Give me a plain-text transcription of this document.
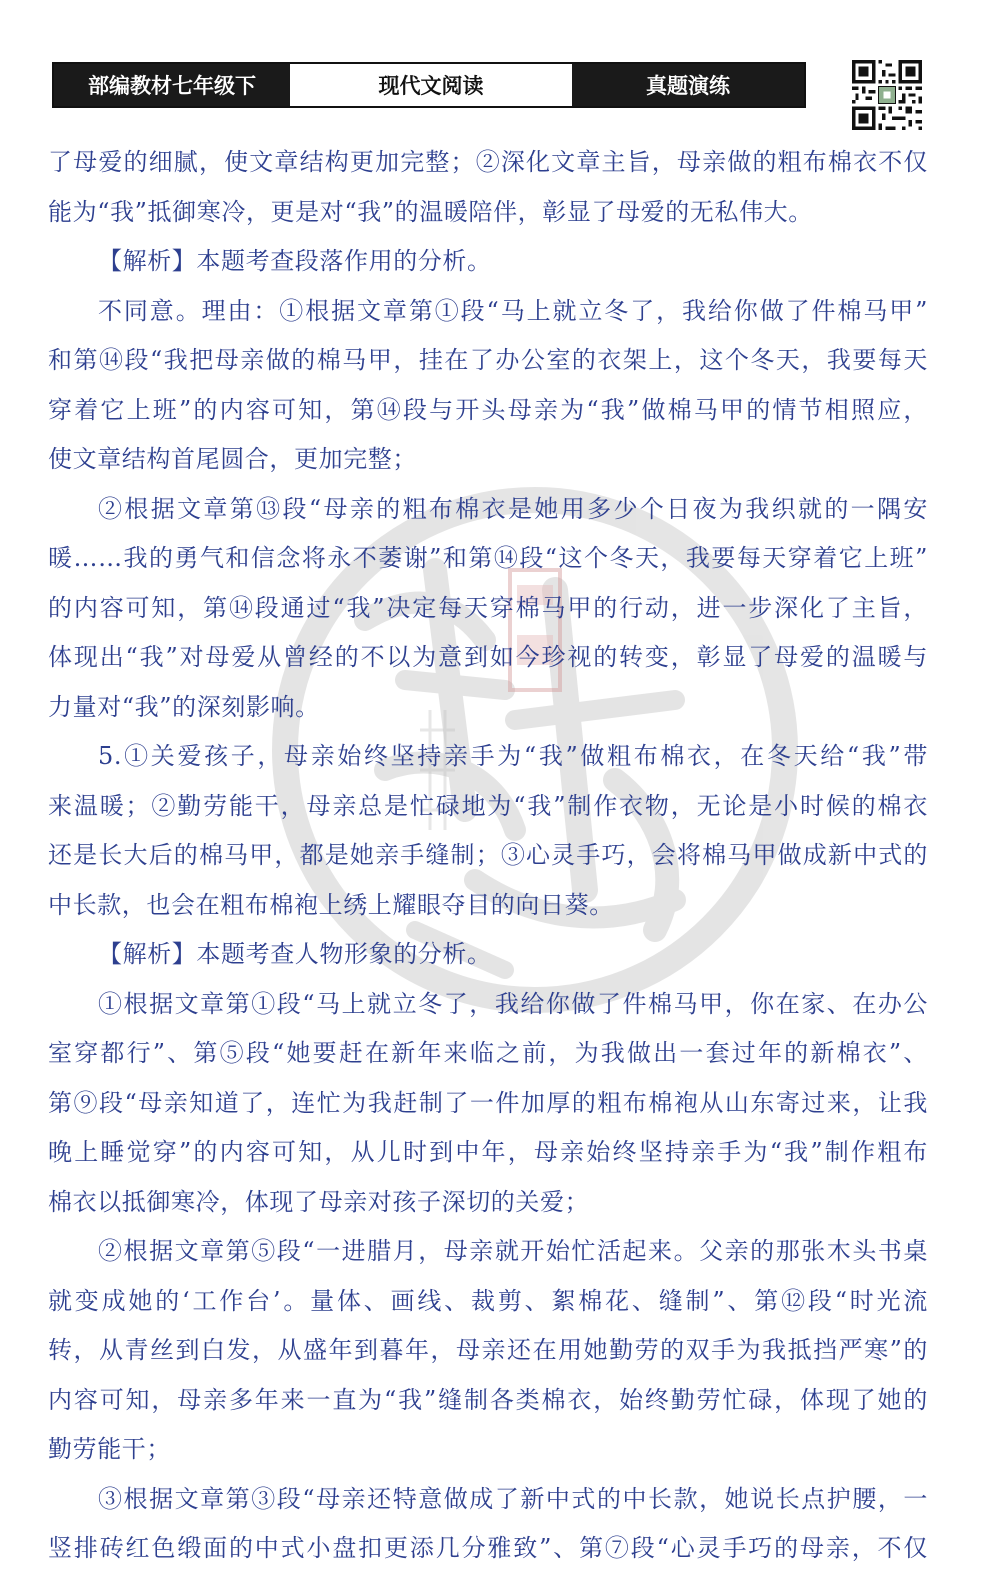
部编教材七年级下	现代文阅读	真题演练
了母爱的细腻，使文章结构更加完整；②深化文章主旨，母亲做的粗布棉衣不仅
能为“我”抵御寒冷，更是对“我”的温暖陪伴，彰显了母爱的无私伟大。
【解析】本题考查段落作用的分析。
不同意。理由：①根据文章第①段“马上就立冬了，我给你做了件棉马甲”
和第⑭段“我把母亲做的棉马甲，挂在了办公室的衣架上，这个冬天，我要每天
穿着它上班”的内容可知，第⑭段与开头母亲为“我”做棉马甲的情节相照应，
使文章结构首尾圆合，更加完整；
②根据文章第⑬段“母亲的粗布棉衣是她用多少个日夜为我织就的一隅安
暖……我的勇气和信念将永不萎谢”和第⑭段“这个冬天，我要每天穿着它上班”
的内容可知，第⑭段通过“我”决定每天穿棉马甲的行动，进一步深化了主旨，
体现出“我”对母爱从曾经的不以为意到如今珍视的转变，彰显了母爱的温暖与
力量对“我”的深刻影响。
5.①关爱孩子，母亲始终坚持亲手为“我”做粗布棉衣，在冬天给“我”带
来温暖；②勤劳能干，母亲总是忙碌地为“我”制作衣物，无论是小时候的棉衣
还是长大后的棉马甲，都是她亲手缝制；③心灵手巧，会将棉马甲做成新中式的
中长款，也会在粗布棉袍上绣上耀眼夺目的向日葵。
【解析】本题考查人物形象的分析。
①根据文章第①段“马上就立冬了，我给你做了件棉马甲，你在家、在办公
室穿都行”、第⑤段“她要赶在新年来临之前，为我做出一套过年的新棉衣”、
第⑨段“母亲知道了，连忙为我赶制了一件加厚的粗布棉袍从山东寄过来，让我
晚上睡觉穿”的内容可知，从儿时到中年，母亲始终坚持亲手为“我”制作粗布
棉衣以抵御寒冷，体现了母亲对孩子深切的关爱；
②根据文章第⑤段“一进腊月，母亲就开始忙活起来。父亲的那张木头书桌
就变成她的‘工作台’。量体、画线、裁剪、絮棉花、缝制”、第⑫段“时光流
转，从青丝到白发，从盛年到暮年，母亲还在用她勤劳的双手为我抵挡严寒”的
内容可知，母亲多年来一直为“我”缝制各类棉衣，始终勤劳忙碌，体现了她的
勤劳能干；
③根据文章第③段“母亲还特意做成了新中式的中长款，她说长点护腰，一
竖排砖红色缎面的中式小盘扣更添几分雅致”、第⑦段“心灵手巧的母亲，不仅
